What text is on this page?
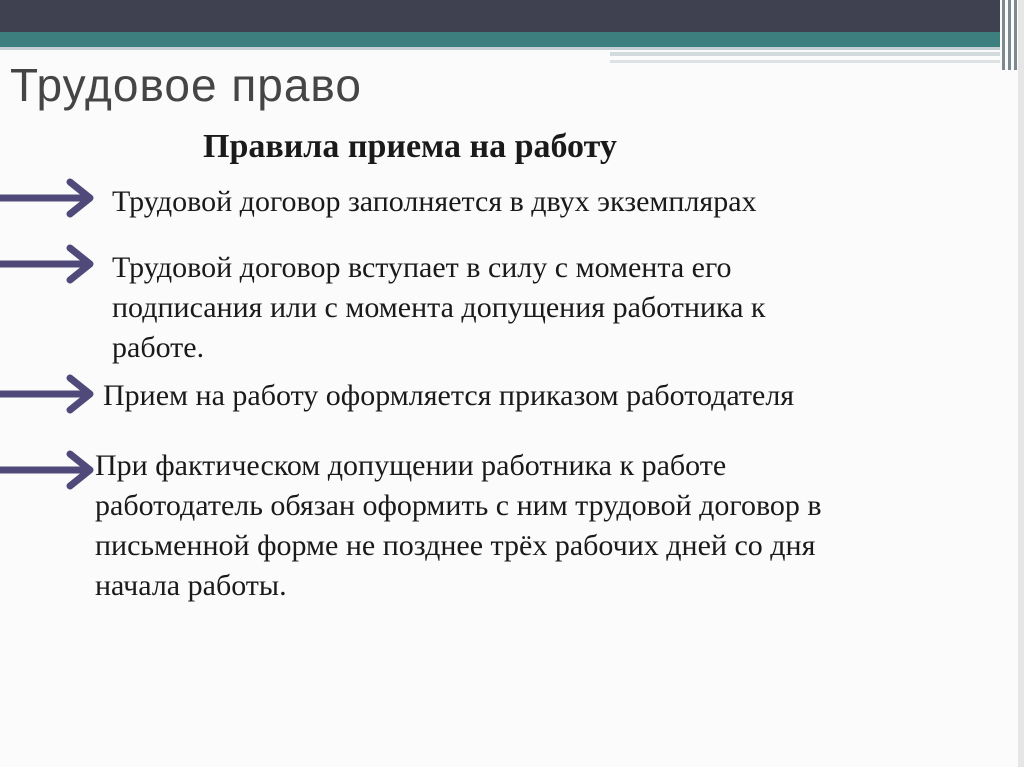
Трудовое право
Правила приема на работу
Трудовой договор заполняется в двух экземплярах
Трудовой договор вступает в силу с момента его
подписания или с момента допущения работника к
работе.
Прием на работу оформляется приказом работодателя
При фактическом допущении работника к работе
работодатель обязан оформить с ним трудовой договор в
письменной форме не позднее трёх рабочих дней со дня
начала работы.
